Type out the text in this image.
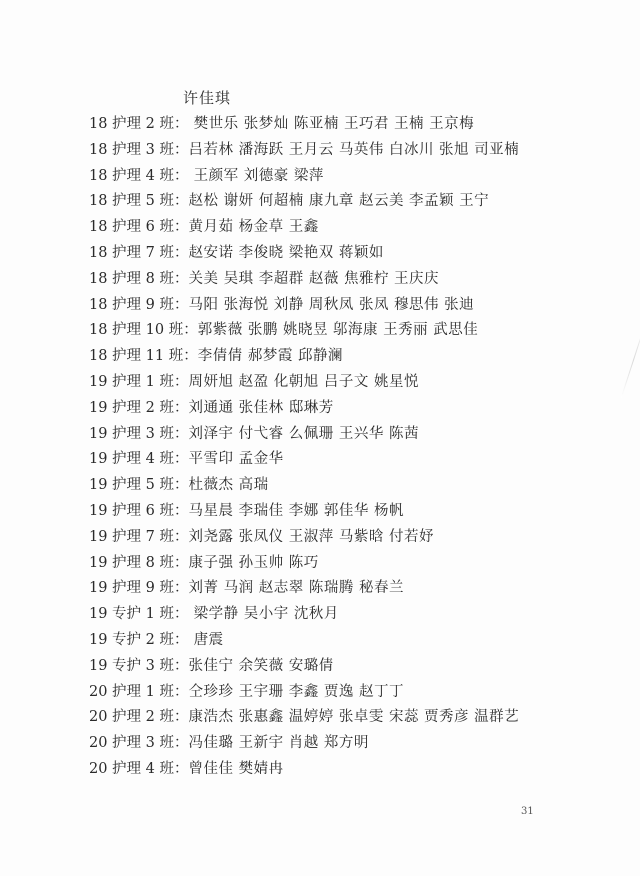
许佳琪
18 护理 2 班： 樊世乐 张梦灿 陈亚楠 王巧君 王楠 王京梅
18 护理 3 班：吕若林 潘海跃 王月云 马英伟 白冰川 张旭 司亚楠
18 护理 4 班： 王颜军 刘德豪 梁萍
18 护理 5 班：赵松 谢妍 何超楠 康九章 赵云美 李孟颖 王宁
18 护理 6 班：黄月茹 杨金草 王鑫
18 护理 7 班：赵安诺 李俊晓 梁艳双 蒋颖如
18 护理 8 班：关美 吴琪 李超群 赵薇 焦雅柠 王庆庆
18 护理 9 班：马阳 张海悦 刘静 周秋凤 张凤 穆思伟 张迪
18 护理 10 班：郭紫薇 张鹏 姚晓昱 邬海康 王秀丽 武思佳
18 护理 11 班：李倩倩 郝梦霞 邱静澜
19 护理 1 班：周妍旭 赵盈 化朝旭 吕子文 姚星悦
19 护理 2 班：刘通通 张佳林 邸琳芳
19 护理 3 班：刘泽宇 付弋睿 么佩珊 王兴华 陈茜
19 护理 4 班：平雪印 孟金华
19 护理 5 班：杜薇杰 高瑞
19 护理 6 班：马星晨 李瑞佳 李娜 郭佳华 杨帆
19 护理 7 班：刘尧露 张凤仪 王淑萍 马紫晗 付若妤
19 护理 8 班：康子强 孙玉帅 陈巧
19 护理 9 班：刘菁 马润 赵志翠 陈瑞腾 秘春兰
19 专护 1 班： 梁学静 吴小宇 沈秋月
19 专护 2 班： 唐震
19 专护 3 班：张佳宁 余笑薇 安璐倩
20 护理 1 班：仝珍珍 王宇珊 李鑫 贾逸 赵丁丁
20 护理 2 班：康浩杰 张惠鑫 温婷婷 张卓雯 宋蕊 贾秀彦 温群艺
20 护理 3 班：冯佳璐 王新宇 肖越 郑方明
20 护理 4 班：曾佳佳 樊婧冉
31
